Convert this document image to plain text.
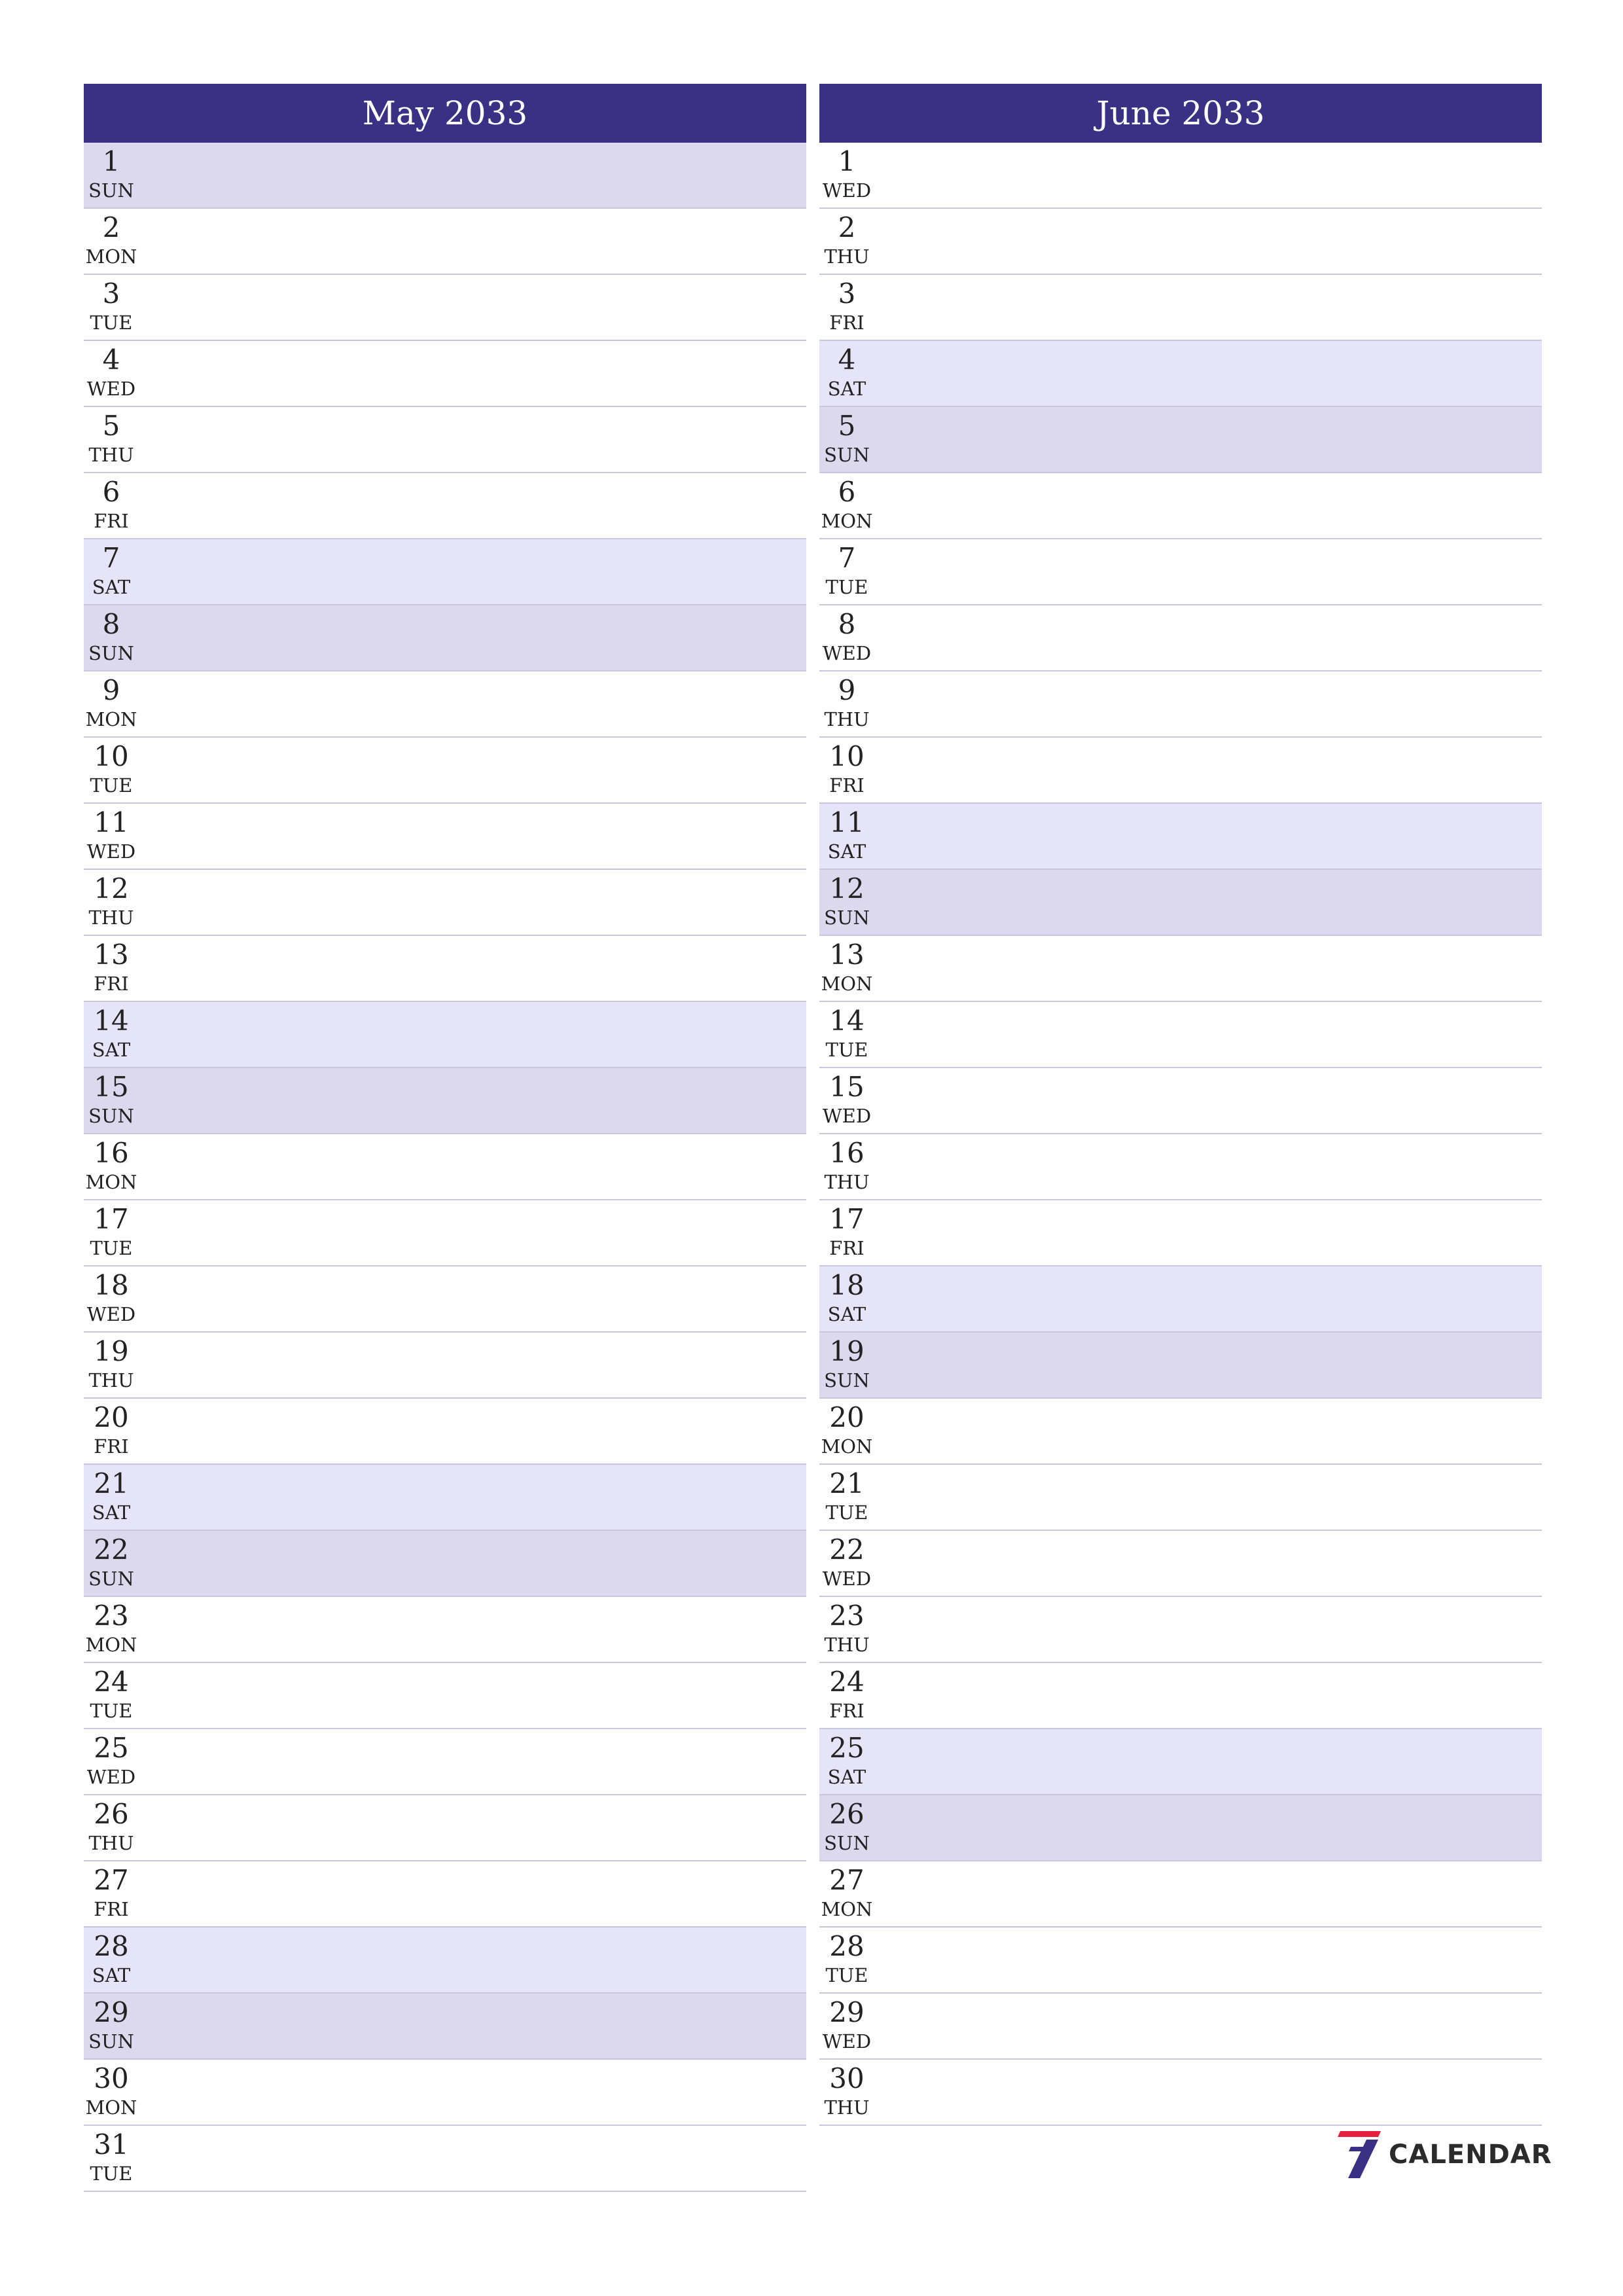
May 2033
1
SUN
2
MON
3
TUE
4
WED
5
THU
6
FRI
7
SAT
8
SUN
9
MON
10
TUE
11
WED
12
THU
13
FRI
14
SAT
15
SUN
16
MON
17
TUE
18
WED
19
THU
20
FRI
21
SAT
22
SUN
23
MON
24
TUE
25
WED
26
THU
27
FRI
28
SAT
29
SUN
30
MON
31
TUE
June 2033
1
WED
2
THU
3
FRI
4
SAT
5
SUN
6
MON
7
TUE
8
WED
9
THU
10
FRI
11
SAT
12
SUN
13
MON
14
TUE
15
WED
16
THU
17
FRI
18
SAT
19
SUN
20
MON
21
TUE
22
WED
23
THU
24
FRI
25
SAT
26
SUN
27
MON
28
TUE
29
WED
30
THU
CALENDAR
